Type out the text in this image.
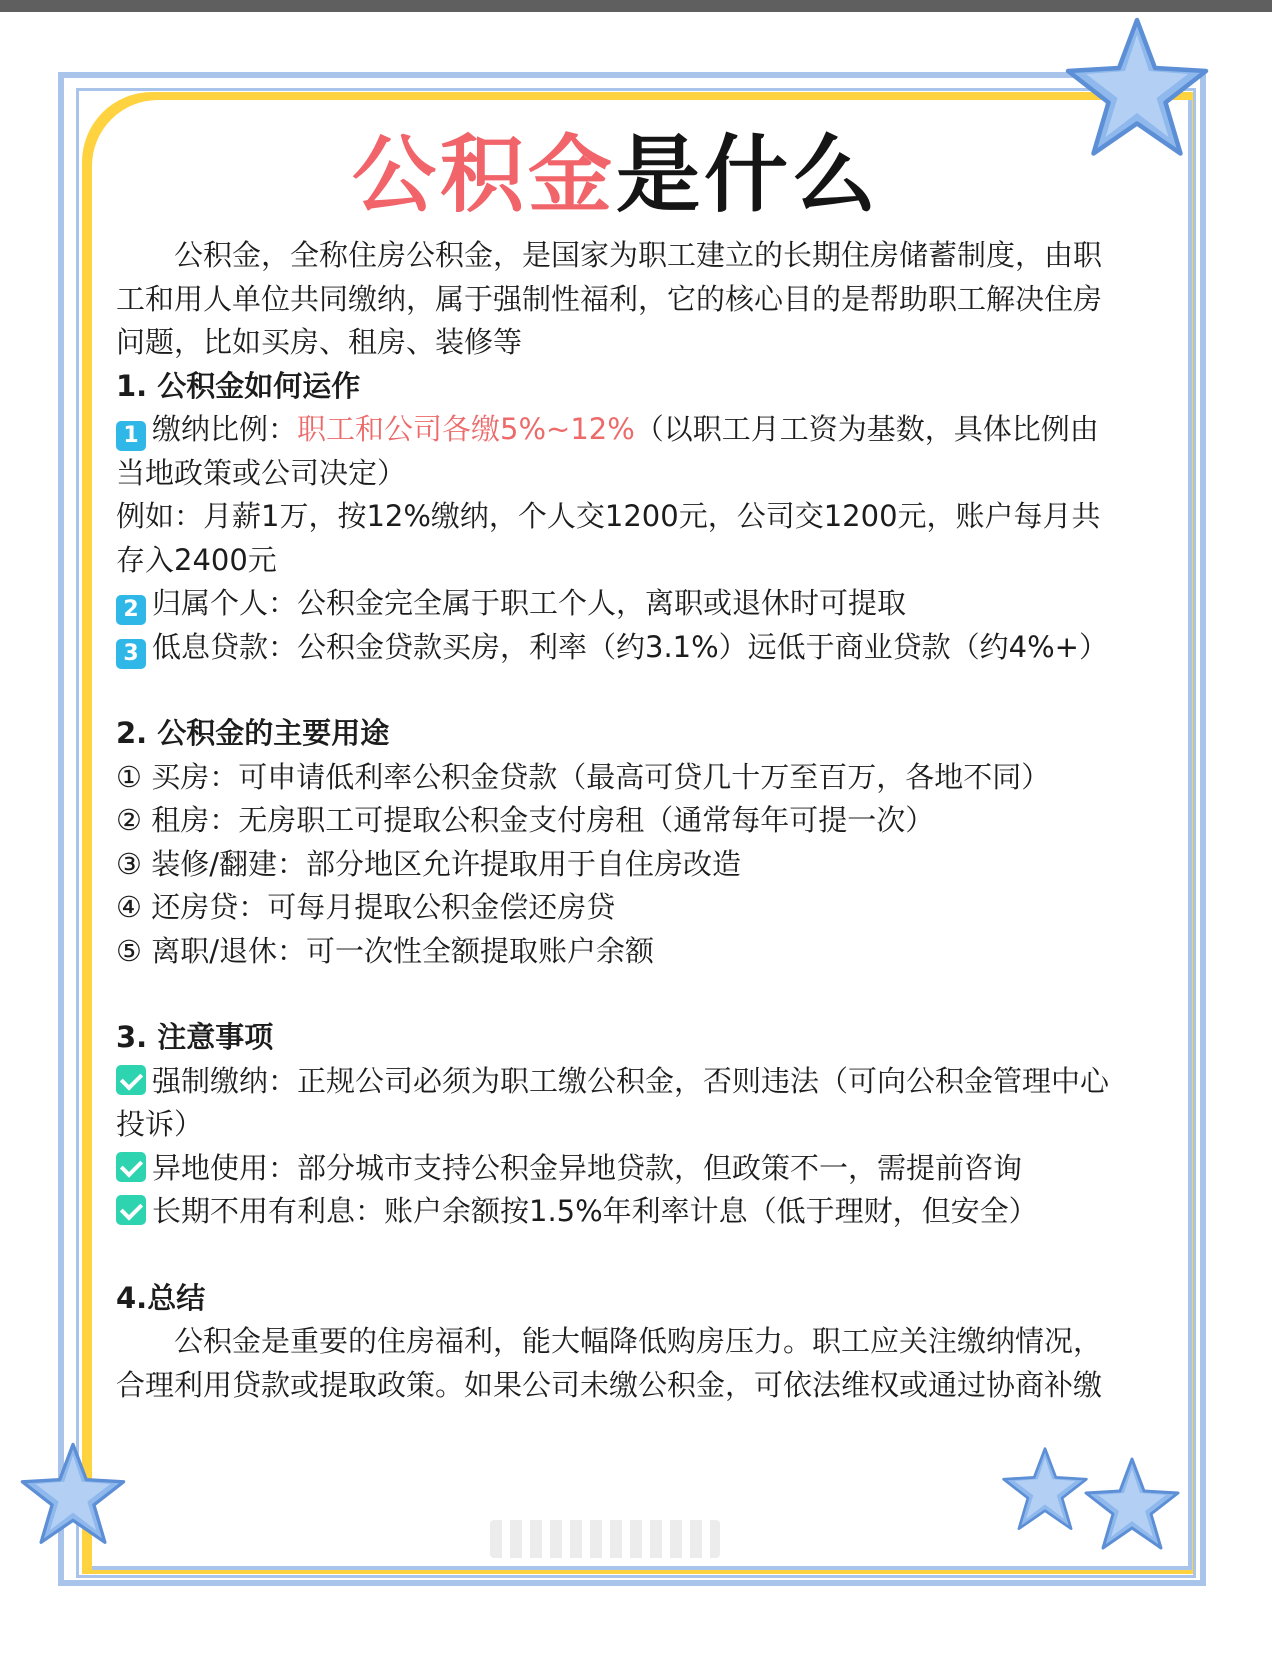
公积金是什么

公积金，全称住房公积金，是国家为职工建立的长期住房储蓄制度，由职工和用人单位共同缴纳，属于强制性福利，它的核心目的是帮助职工解决住房问题，比如买房、租房、装修等

1. 公积金如何运作

1 缴纳比例：职工和公司各缴5%~12%（以职工月工资为基数，具体比例由当地政策或公司决定）

例如：月薪1万，按12%缴纳，个人交1200元，公司交1200元，账户每月共存入2400元

2 归属个人：公积金完全属于职工个人，离职或退休时可提取

3 低息贷款：公积金贷款买房，利率（约3.1%）远低于商业贷款（约4%+）

2. 公积金的主要用途

① 买房：可申请低利率公积金贷款（最高可贷几十万至百万，各地不同）

② 租房：无房职工可提取公积金支付房租（通常每年可提一次）

③ 装修/翻建：部分地区允许提取用于自住房改造

④ 还房贷：可每月提取公积金偿还房贷

⑤ 离职/退休：可一次性全额提取账户余额

3. 注意事项

强制缴纳：正规公司必须为职工缴公积金，否则违法（可向公积金管理中心投诉）

异地使用：部分城市支持公积金异地贷款，但政策不一，需提前咨询

长期不用有利息：账户余额按1.5%年利率计息（低于理财，但安全）

4.总结

公积金是重要的住房福利，能大幅降低购房压力。职工应关注缴纳情况，合理利用贷款或提取政策。如果公司未缴公积金，可依法维权或通过协商补缴
